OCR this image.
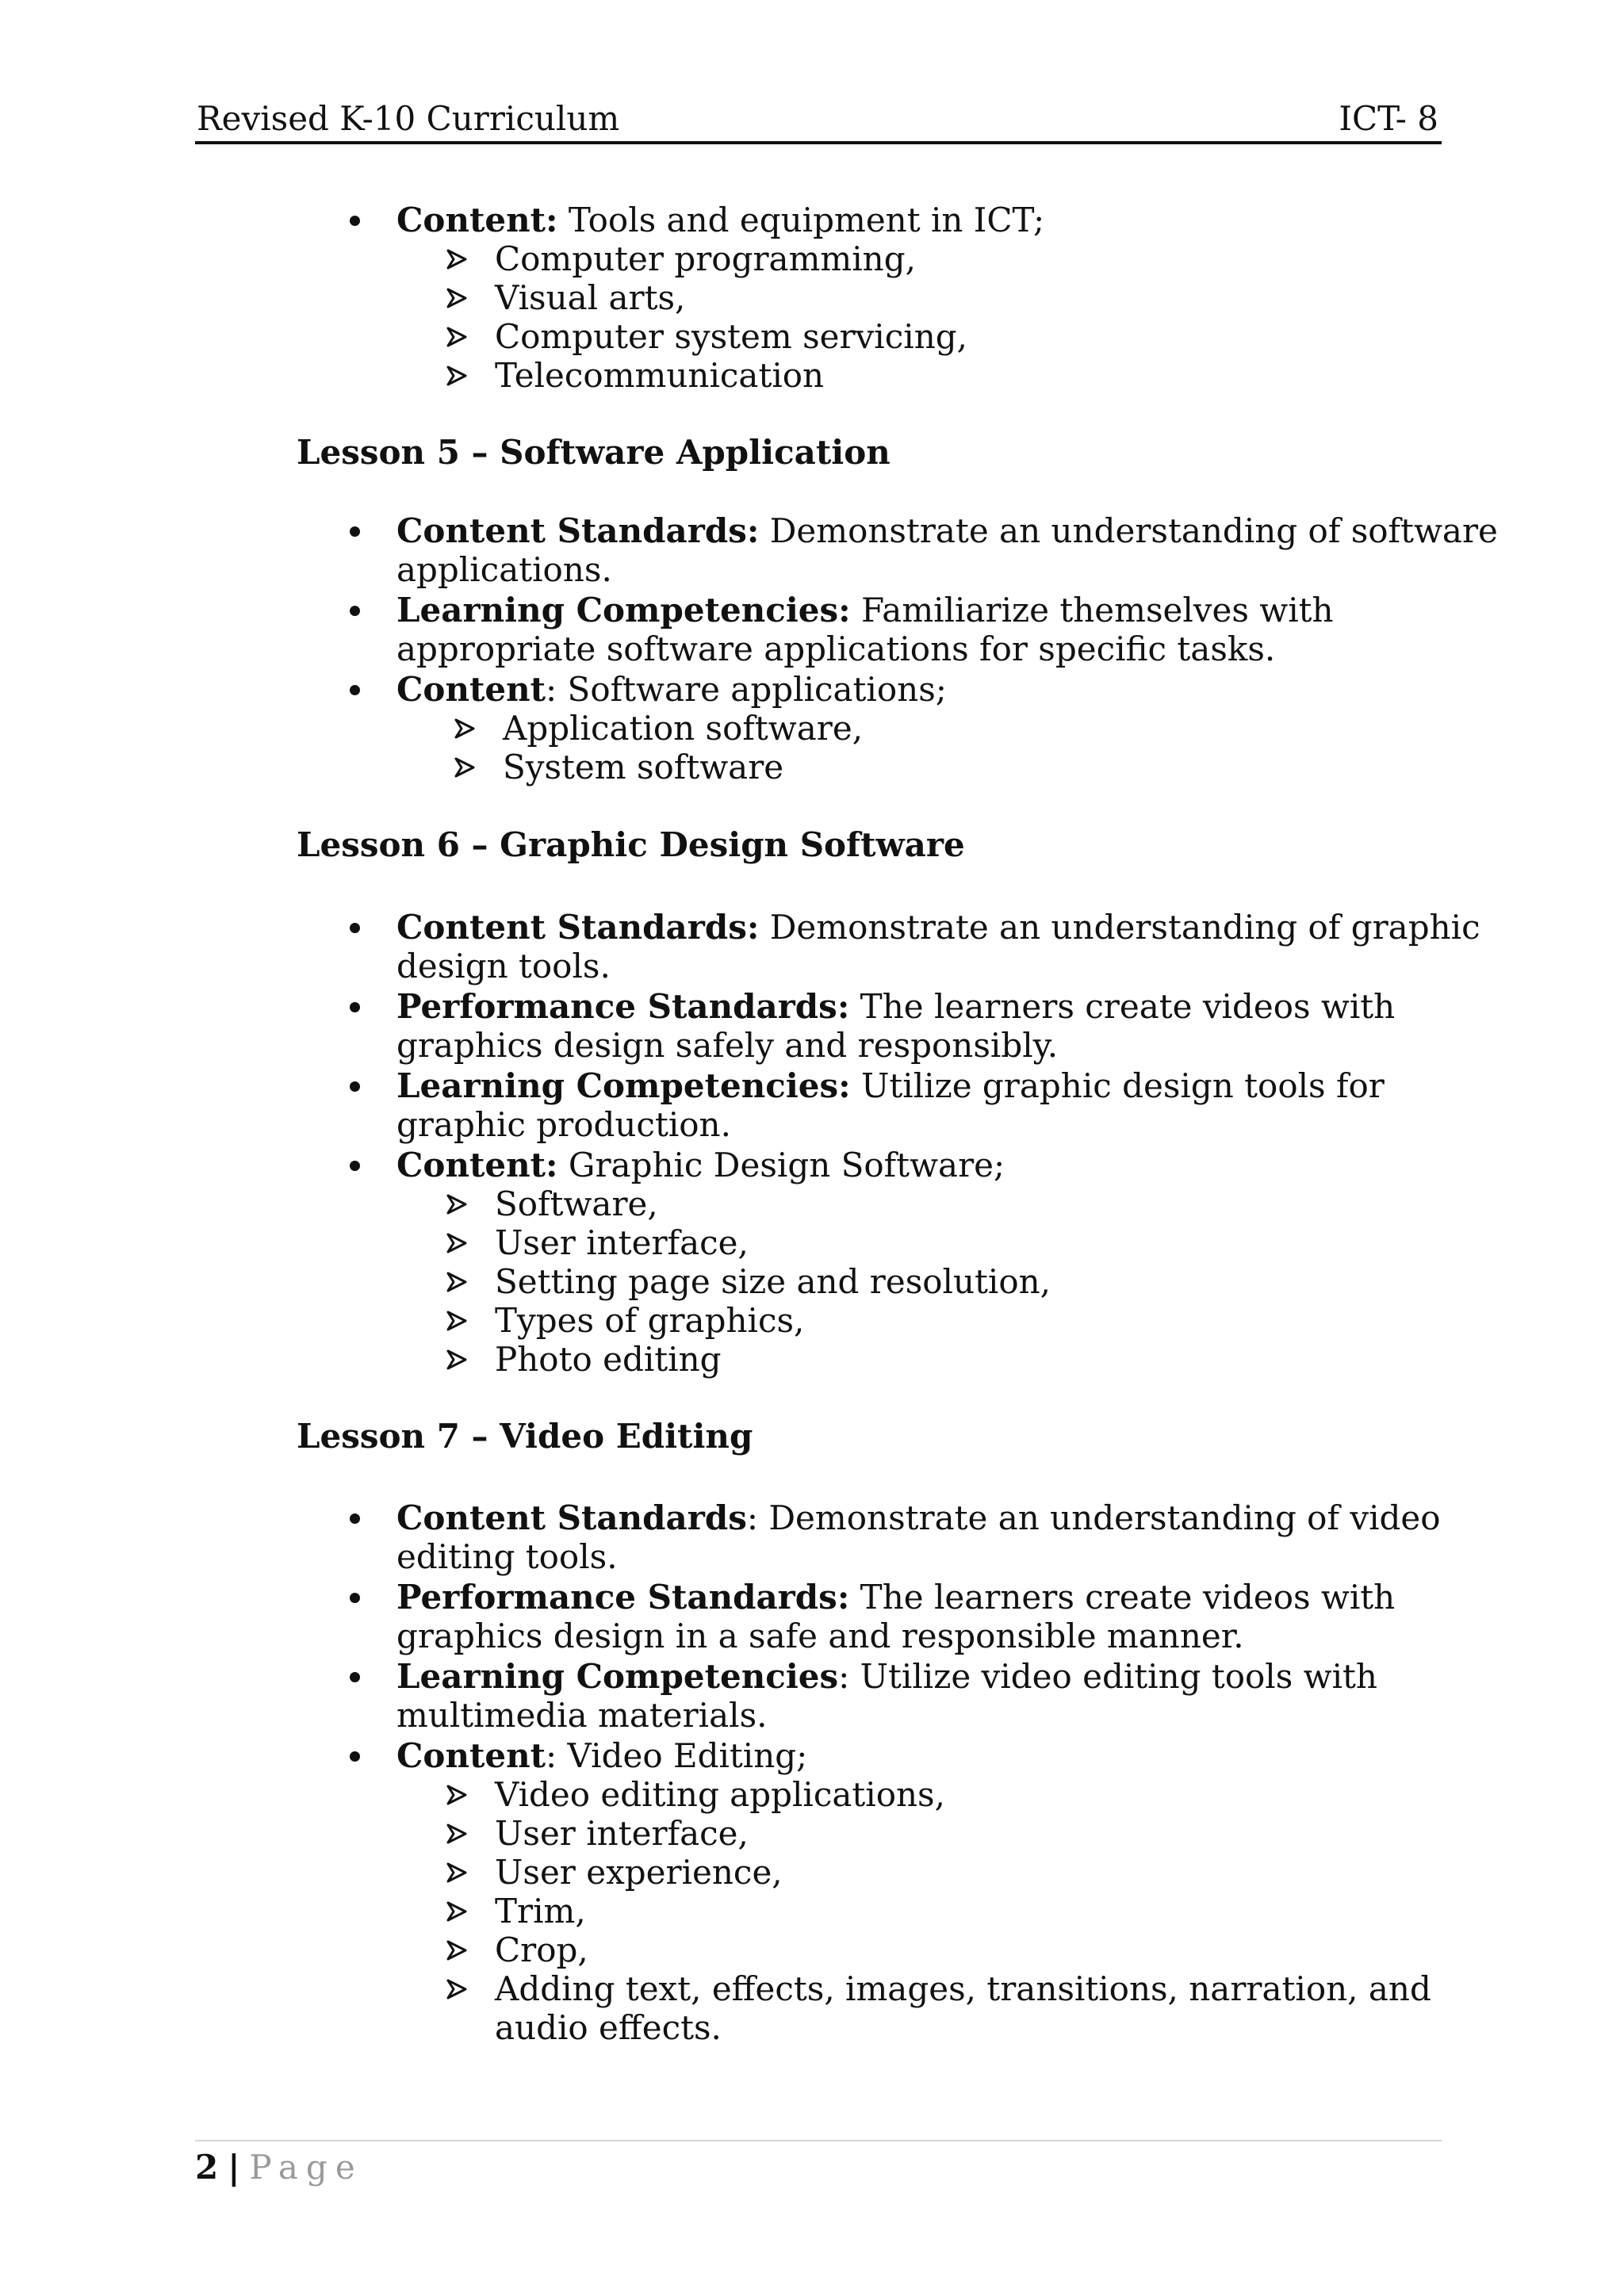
Revised K-10 Curriculum	ICT- 8
Content: Tools and equipment in ICT;
Computer programming,
Visual arts,
Computer system servicing,
Telecommunication
Lesson 5 – Software Application
Content Standards: Demonstrate an understanding of software
applications.
Learning Competencies: Familiarize themselves with
appropriate software applications for specific tasks.
Content: Software applications;
Application software,
System software
Lesson 6 – Graphic Design Software
Content Standards: Demonstrate an understanding of graphic
design tools.
Performance Standards: The learners create videos with
graphics design safely and responsibly.
Learning Competencies: Utilize graphic design tools for
graphic production.
Content: Graphic Design Software;
Software,
User interface,
Setting page size and resolution,
Types of graphics,
Photo editing
Lesson 7 – Video Editing
Content Standards: Demonstrate an understanding of video
editing tools.
Performance Standards: The learners create videos with
graphics design in a safe and responsible manner.
Learning Competencies: Utilize video editing tools with
multimedia materials.
Content: Video Editing;
Video editing applications,
User interface,
User experience,
Trim,
Crop,
Adding text, effects, images, transitions, narration, and
audio effects.
2 | Page
